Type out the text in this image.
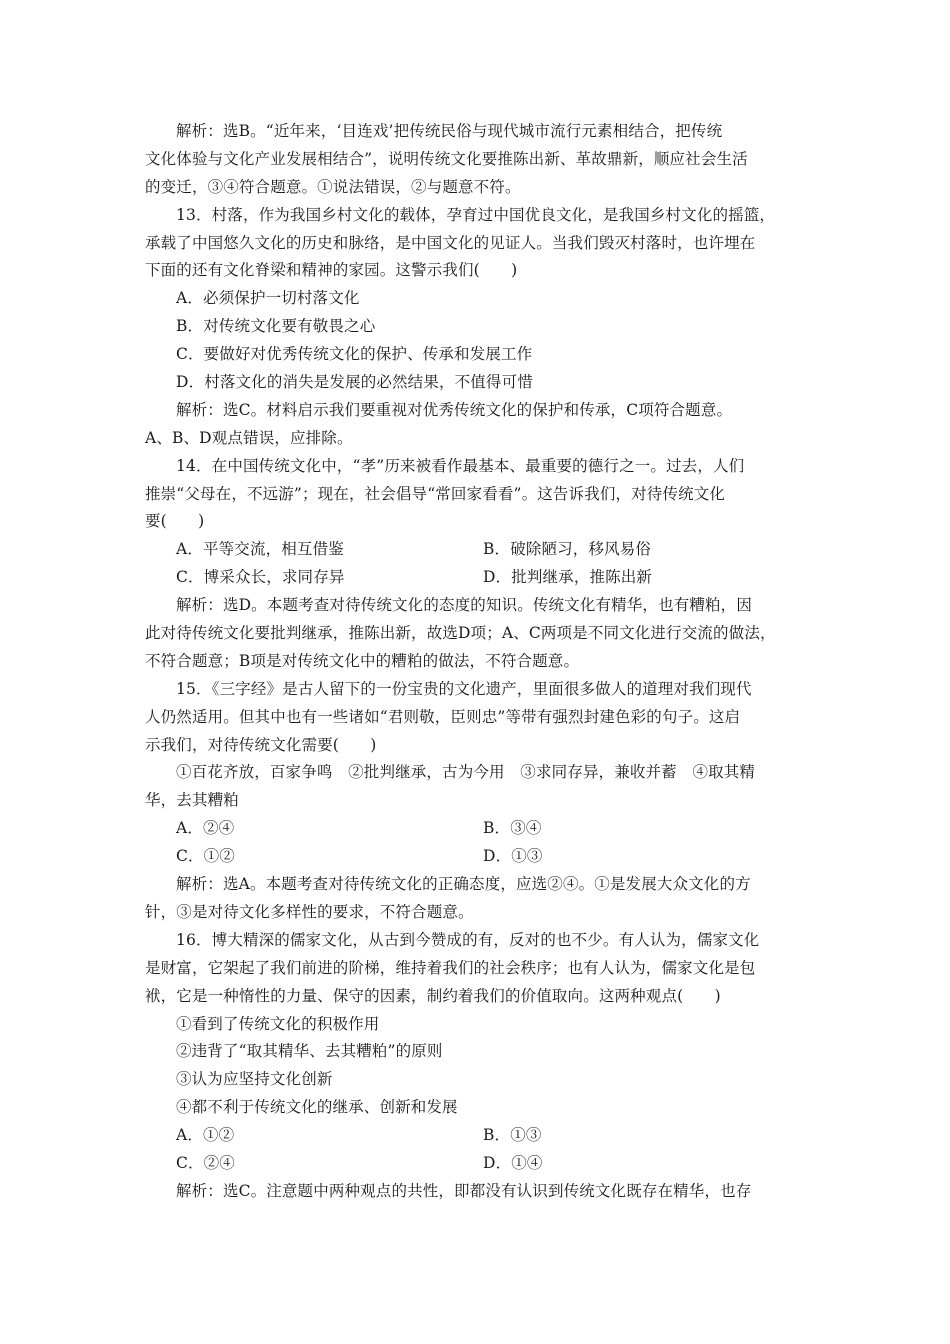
解析：选B。“近年来，‘目连戏’把传统民俗与现代城市流行元素相结合，把传统
文化体验与文化产业发展相结合”，说明传统文化要推陈出新、革故鼎新，顺应社会生活
的变迁，③④符合题意。①说法错误，②与题意不符。
13．村落，作为我国乡村文化的载体，孕育过中国优良文化，是我国乡村文化的摇篮，
承载了中国悠久文化的历史和脉络，是中国文化的见证人。当我们毁灭村落时，也许埋在
下面的还有文化脊梁和精神的家园。这警示我们(　　)
A．必须保护一切村落文化
B．对传统文化要有敬畏之心
C．要做好对优秀传统文化的保护、传承和发展工作
D．村落文化的消失是发展的必然结果，不值得可惜
解析：选C。材料启示我们要重视对优秀传统文化的保护和传承，C项符合题意。
A、B、D观点错误，应排除。
14．在中国传统文化中，“孝”历来被看作最基本、最重要的德行之一。过去，人们
推崇“父母在，不远游”；现在，社会倡导“常回家看看”。这告诉我们，对待传统文化
要(　　)
A．平等交流，相互借鉴	B．破除陋习，移风易俗
C．博采众长，求同存异	D．批判继承，推陈出新
解析：选D。本题考查对待传统文化的态度的知识。传统文化有精华，也有糟粕，因
此对待传统文化要批判继承，推陈出新，故选D项；A、C两项是不同文化进行交流的做法，
不符合题意；B项是对传统文化中的糟粕的做法，不符合题意。
15．《三字经》是古人留下的一份宝贵的文化遗产，里面很多做人的道理对我们现代
人仍然适用。但其中也有一些诸如“君则敬，臣则忠”等带有强烈封建色彩的句子。这启
示我们，对待传统文化需要(　　)
①百花齐放，百家争鸣　②批判继承，古为今用　③求同存异，兼收并蓄　④取其精
华，去其糟粕
A．②④	B．③④
C．①②	D．①③
解析：选A。本题考查对待传统文化的正确态度，应选②④。①是发展大众文化的方
针，③是对待文化多样性的要求，不符合题意。
16．博大精深的儒家文化，从古到今赞成的有，反对的也不少。有人认为，儒家文化
是财富，它架起了我们前进的阶梯，维持着我们的社会秩序；也有人认为，儒家文化是包
袱，它是一种惰性的力量、保守的因素，制约着我们的价值取向。这两种观点(　　)
①看到了传统文化的积极作用
②违背了“取其精华、去其糟粕”的原则
③认为应坚持文化创新
④都不利于传统文化的继承、创新和发展
A．①②	B．①③
C．②④	D．①④
解析：选C。注意题中两种观点的共性，即都没有认识到传统文化既存在精华，也存
